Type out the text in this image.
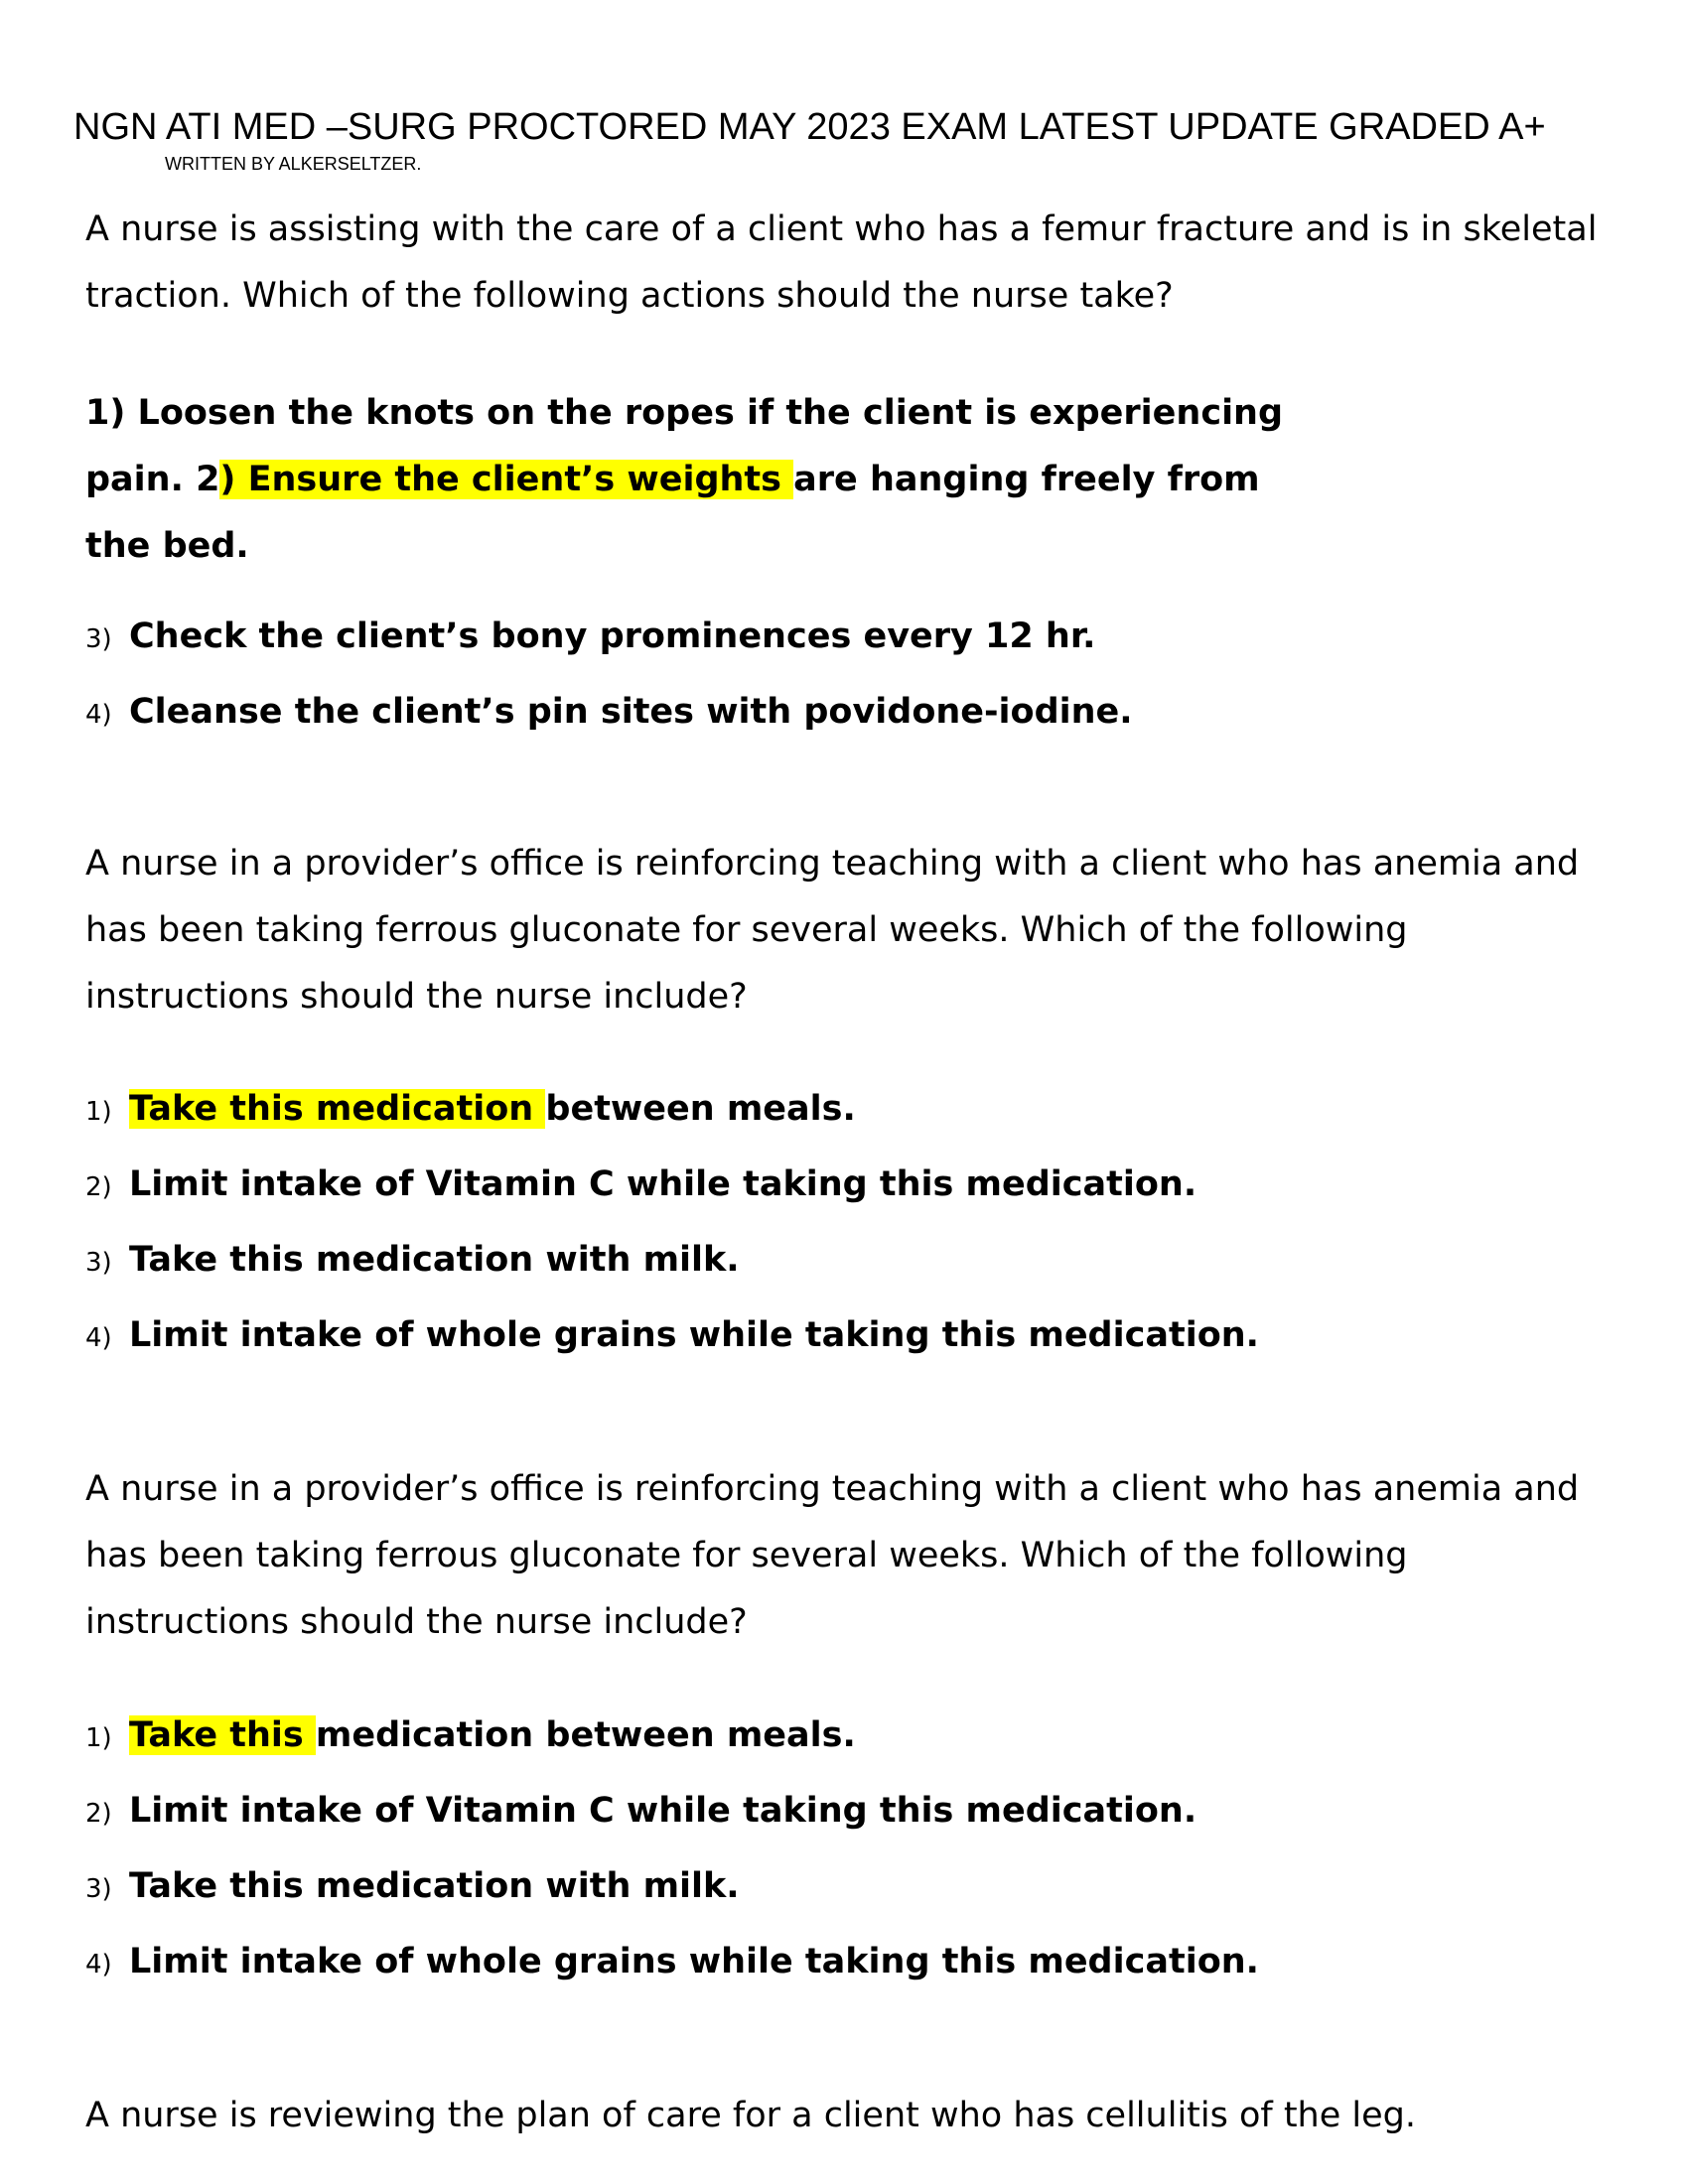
NGN ATI MED –SURG PROCTORED MAY 2023 EXAM LATEST UPDATE GRADED A+
WRITTEN BY ALKERSELTZER.
A nurse is assisting with the care of a client who has a femur fracture and is in skeletal
traction. Which of the following actions should the nurse take?
1) Loosen the knots on the ropes if the client is experiencing
pain. 2) Ensure the client’s weights are hanging freely from
the bed.
3) Check the client’s bony prominences every 12 hr.
4) Cleanse the client’s pin sites with povidone-iodine.
A nurse in a provider’s office is reinforcing teaching with a client who has anemia and
has been taking ferrous gluconate for several weeks. Which of the following
instructions should the nurse include?
1) Take this medication between meals.
2) Limit intake of Vitamin C while taking this medication.
3) Take this medication with milk.
4) Limit intake of whole grains while taking this medication.
A nurse in a provider’s office is reinforcing teaching with a client who has anemia and
has been taking ferrous gluconate for several weeks. Which of the following
instructions should the nurse include?
1) Take this medication between meals.
2) Limit intake of Vitamin C while taking this medication.
3) Take this medication with milk.
4) Limit intake of whole grains while taking this medication.
A nurse is reviewing the plan of care for a client who has cellulitis of the leg.
